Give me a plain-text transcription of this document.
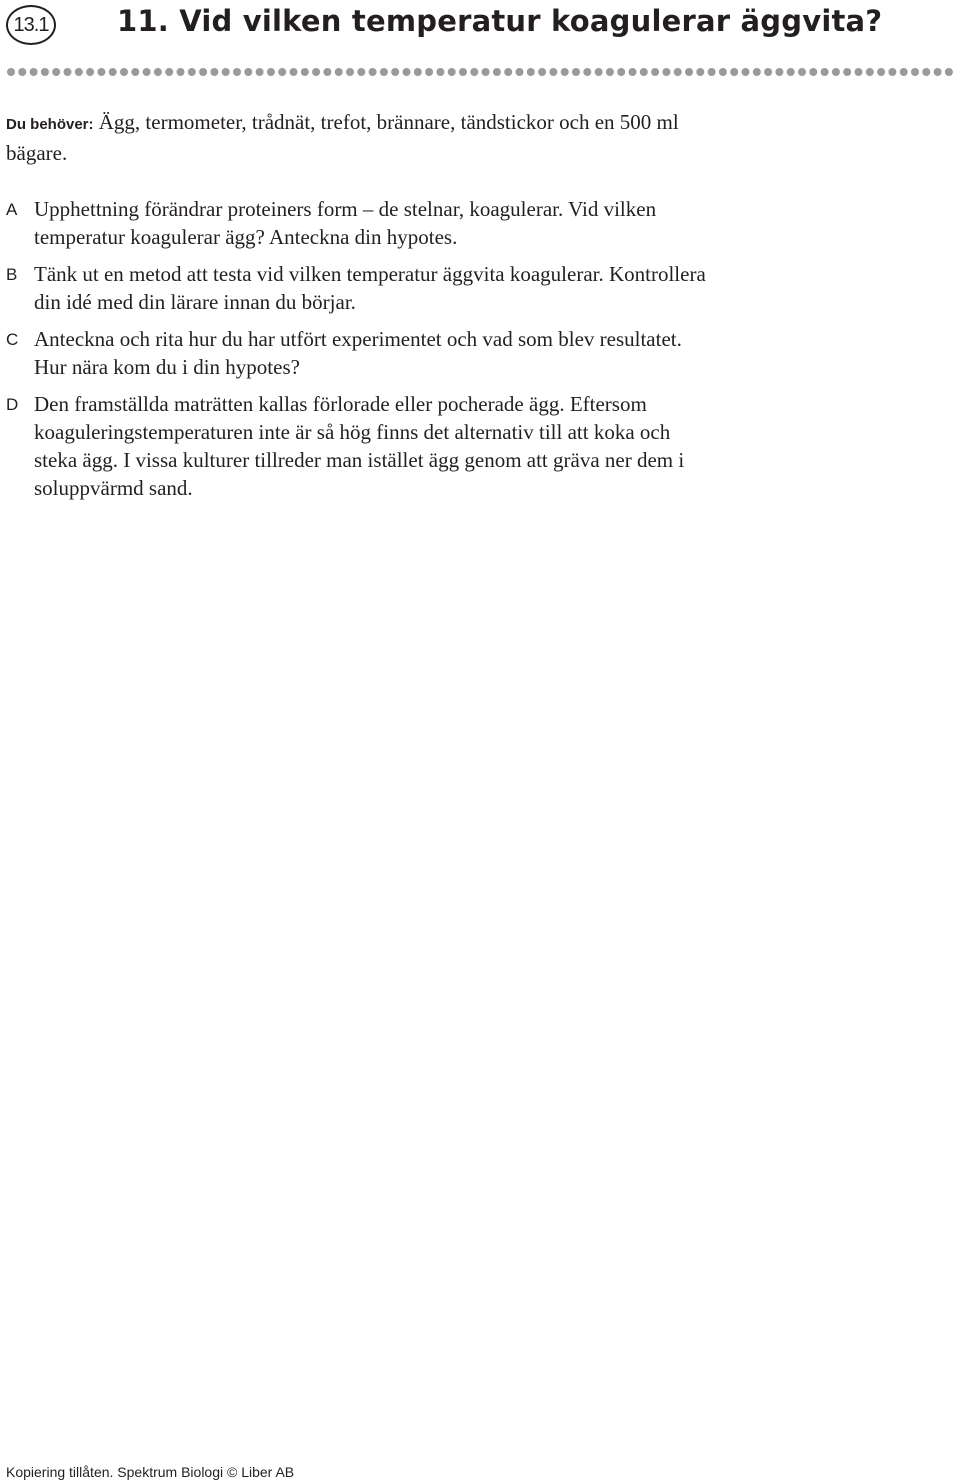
13.1 11. Vid vilken temperatur koagulerar äggvita?
Du behöver: Ägg, termometer, trådnät, trefot, brännare, tändstickor och en 500 ml bägare.
A Upphettning förändrar proteiners form – de stelnar, koagulerar. Vid vilken temperatur koagulerar ägg? Anteckna din hypotes.
B Tänk ut en metod att testa vid vilken temperatur äggvita koagulerar. Kontrollera din idé med din lärare innan du börjar.
C Anteckna och rita hur du har utfört experimentet och vad som blev resultatet. Hur nära kom du i din hypotes?
D Den framställda maträtten kallas förlorade eller pocherade ägg. Eftersom koaguleringstemperaturen inte är så hög finns det alternativ till att koka och steka ägg. I vissa kulturer tillreder man istället ägg genom att gräva ner dem i soluppvärmd sand.
Kopiering tillåten. Spektrum Biologi © Liber AB
